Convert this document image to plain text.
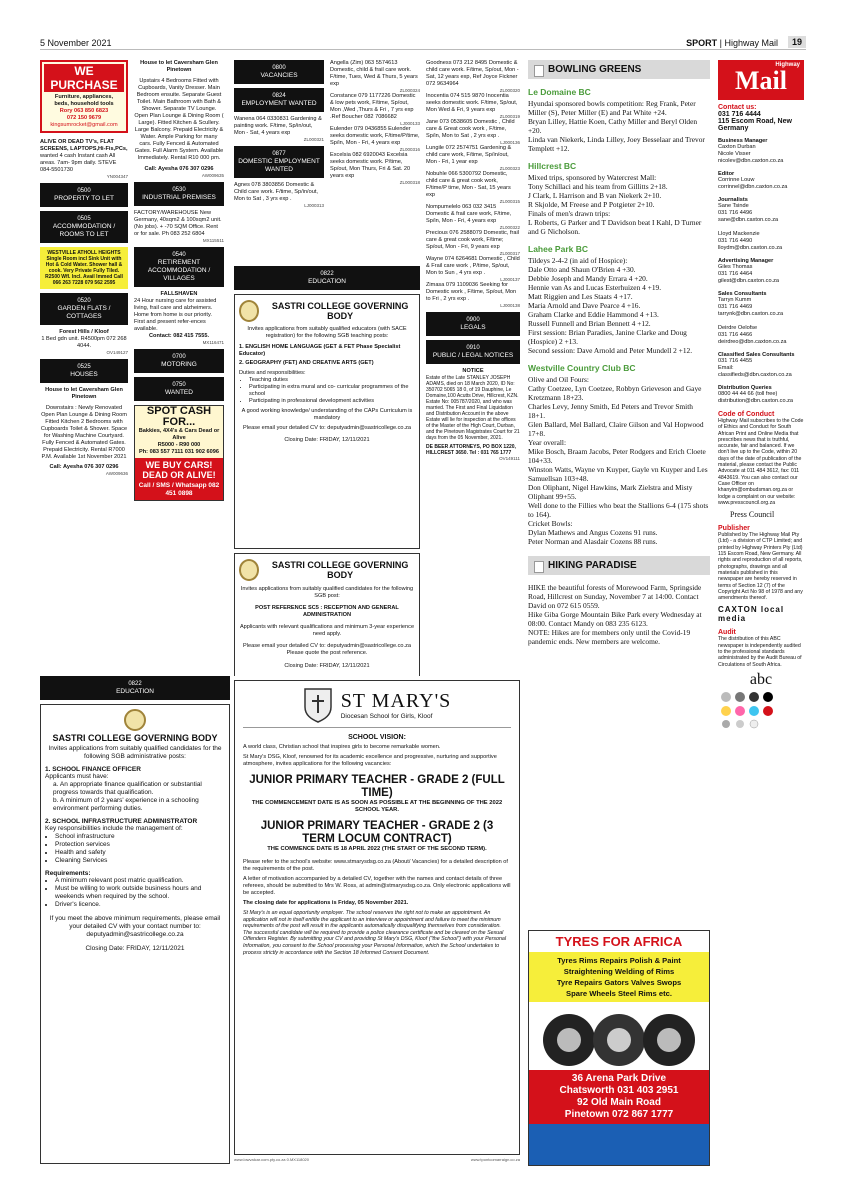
5 November 2021	SPORT | Highway Mail	19
WE PURCHASE
Furniture, appliances,
beds, household tools
Rory 063 850 6823
072 150 9679
kingsumrocket@gmail.com
ALIVE OR DEAD TV's, FLAT SCREENS, LAPTOPS,Hi-Fis,PCs,
wanted 4 cash Instant cash All areas. 7am- 9pm daily. STEVE 084-5501730
YN004347
0500
PROPERTY TO LET
0505
ACCOMMODATION / ROOMS TO LET
WESTVILLE ATHOLL HEIGHTS Single Room incl Sink Unit with Hot & Cold Water. Shower hall & cook. Very Private Fully Tiled. R2500 Wfl. Incl. Avail Immed Call 066 263 7228 079 562 2595
0520
GARDEN FLATS / COTTAGES
Forest Hills / Kloof
1 Bed gdn unit. R4500pm 072 268 4044.
OV149127
0525
HOUSES
House to let Caversham Glen Pinetown
Downstairs : Newly Renovated Open Plan Lounge & Dining Room Fitted Kitchen 2 Bedrooms with Cupboards Toilet & Shower. Space for Washing Machine Courtyard. Fully Fenced & Automated Gates. Prepaid Electricity. Rental R7000 P.M. Available 1st November 2021
Call: Ayesha 076 307 0296
AW009636
0822
EDUCATION
SASTRI COLLEGE GOVERNING BODY

Invites applications from suitably qualified candidates for the following SGB administrative posts:

1. SCHOOL FINANCE OFFICER

Applicants must have:

a. An appropriate finance qualification or substantial progress towards that qualification.

b. A minimum of 2 years' experience in a schooling environment performing duties.

2. SCHOOL INFRASTRUCTURE ADMINISTRATOR

Key responsibilities include the management of:

• School infrastructure
• Protection services
• Health and safety
• Cleaning Services

Requirements:

• A minimum relevant post matric qualification.
• Must be willing to work outside business hours and weekends when required by the school.
• Driver's licence.

If you meet the above minimum requirements, please email your detailed CV with your contact number to:

deputyadmin@sastricollege.co.za

Closing Date: FRIDAY, 12/11/2021

House to let Caversham Glen Pinetown
Upstairs 4 Bedrooms Fitted with Cupboards, Vanity Dresser. Main Bedroom ensuite. Separate Guest Toilet. Main Bathroom with Bath & Shower. Separate TV Lounge. Open Plan Lounge & Dining Room ( Large). Fitted Kitchen & Scullery. Large Balcony. Prepaid Electricity & Water. Ample Parking for many cars. Fully Fenced & Automated Gates. Full Alarm System. Available Immediately. Rental R10 000 pm.
Call: Ayesha 076 307 0296
AW009635
0530
INDUSTRIAL PREMISES
FACTORY/WAREHOUSE New Germany, 40sqm2 & 100sqm2 unit. (No jobs). + -70 SQM Office. Rent or for sale. Ph 083 252 6804
MX115511
0540
RETIREMENT ACCOMMODATION / VILLAGES
FALLSHAVEN
24 Hour nursing care for assisted living, frail care and alzheimers. Home from home is our priority. First and present refer-ences available.
Contact: 082 415 7555.
MX116471
0700
MOTORING
0750
WANTED
SPOT CASH FOR...
Bakkies, 4X4's & Cars Dead or Alive
R5000 - R90 000
Ph: 083 557 7111 031 902 6096
WE BUY CARS! DEAD OR ALIVE!
Call / SMS / Whatsapp 082 451 0898
0800
VACANCIES
0824
EMPLOYMENT WANTED
Wanena 064 0330831 Gardening & painting work. F/time, Sp/in/out, Mon - Sat, 4 years exp
ZL000321
0877
DOMESTIC EMPLOYMENT WANTED
Agnes 078 3803856 Domestic & Child care work. F/time, Sp/in/out, Mon to Sat , 3 yrs exp .
LJ000313
Angella (Zim) 063 5574613 Domestic, child & frail care work. F/time, Tues, Wed & Thurs, 5 years exp
ZL000324
Constance 079 1177226 Domestic & low pets work, F/time, Sp/out, Mon ,Wed ,Thurs & Fri , 7 yrs exp .Ref Boucher 082 7086682
LJ000133
Eulender 079 0436855 Eulender seeks domestic work, F/time/P/time, Sp/in, Mon - Fri, 4 years exp
ZL000316
Excelsia 082 6920043 Excelsia seeks domestic work. P/time, Sp/out, Mon Thurs, Fri & Sat. 20 years exp
ZL000318
0822
EDUCATION
SASTRI COLLEGE GOVERNING BODY

Invites applications from suitably qualified educators (with SACE registration) for the following SGB teaching posts:

1. ENGLISH HOME LANGUAGE (GET & FET Phase Specialist Educator)

2. GEOGRAPHY (FET) AND CREATIVE ARTS (GET)

Duties and responsibilities:

• Teaching duties
• Participating in extra mural and co- curricular programmes of the school
• Participating in professional development activities

A good working knowledge/ understanding of the CAPs Curriculum is mandatory

Please email your detailed CV to: deputyadmin@sastricollege.co.za

Closing Date: FRIDAY, 12/11/2021

SASTRI COLLEGE GOVERNING BODY

Invites applications from suitably qualified candidates for the following SGB post:

POST REFERENCE SC5 : RECEPTION AND GENERAL ADMINISTRATION

Applicants with relevant qualifications and minimum 3-year experience need apply.

Please email your detailed CV to: deputyadmin@sastricollege.co.za Please quote the post reference.

Closing Date: FRIDAY, 12/11/2021

Goodness 073 212 8495 Domestic & child care work. F/time, Sp/out, Mon - Sat, 12 years exp, Ref Joyce Fickner 072 9634964
ZL000320
Inocentia 074 515 9870 Inocentia seeks domestic work. F/time, Sp/out, Mon Wed & Fri, 9 years exp
ZL000319
Jane 073 0538605 Domestic , Child care & Great cook work , F/time, Sp/in, Mon to Sat , 2 yrs exp .
LJ000136
Lungile 072 2574751 Gardening & child care work, F/time, Sp/in/out, Mon - Fri, 1 year exp
ZL000323
Nobuhle 066 5300792 Domestic, child care & great cook work, F/time/P time, Mon - Sat, 15 years exp
ZL000315
Nompumelelo 063 032 3415 Domestic & frail care work, F/time, Sp/in, Mon - Fri, 4 years exp
ZL000322
Precious 076 2588079 Domestic, frail care & great cook work, F/time; Sp/out, Mon - Fri, 9 years exp
ZL000317
Wayne 074 6264681 Domestic , Child & Frail care work , P/time, Sp/out, Mon to Sun , 4 yrs exp .
LJ000137
Zimasa 079 1109036 Seeking for Domestic work , F/time, Sp/out, Mon to Fri , 2 yrs exp .
LJ000138
0900
LEGALS
0910
PUBLIC / LEGAL NOTICES
NOTICE
Estate of the Late STANLEY JOSEPH ADAMS, died on 18 March 2020, ID No: 350702 5065 18 0, of 19 Dauphine, Le Domaine,100 Acutts Drive, Hillcrest, KZN. Estate No: 005787/2020, and who was married. The First and Final Liquidation and Distribution Account in the above Estate will lie for inspection at the offices of the Master of the High Court, Durban, and the Pinetown Magistrates Court for 21 days from the 05 November, 2021.
DE BEER ATTORNEYS, PO BOX 1220, HILLCREST 3650. Tel : 031 765 1777
OV149111
ST MARY'S
Diocesan School for Girls, Kloof
SCHOOL VISION:
A world class, Christian school that inspires girls to become remarkable women.
St Mary's DSG, Kloof, renowned for its academic excellence and progressive, nurturing and supportive atmosphere, invites applications for the following vacancies:
JUNIOR PRIMARY TEACHER - GRADE 2 (FULL TIME)
THE COMMENCEMENT DATE IS AS SOON AS POSSIBLE AT THE BEGINNING OF THE 2022 SCHOOL YEAR.
JUNIOR PRIMARY TEACHER - GRADE 2 (3 TERM LOCUM CONTRACT)
THE COMMENCE DATE IS 18 APRIL 2022 (THE START OF THE SECOND TERM).
Please refer to the school's website: www.stmarysdsg.co.za (About/ Vacancies) for a detailed description of the requirements of the post.
A letter of motivation accompanied by a detailed CV, together with the names and contact details of three referees, should be submitted to Mrs W. Ross, at admin@stmarysdsg.co.za. Only electronic applications will be accepted.
The closing date for applications is Friday, 05 November 2021.
St Mary's is an equal opportunity employer. The school reserves the right not to make an appointment. An application will not in itself entitle the applicant to an interview or appointment and failure to meet the minimum requirements of the post will result in the applicants automatically disqualifying themselves from consideration. The successful candidate will be required to provide a police clearance certificate and be cleared on the Sexual Offenders Register. By submitting your CV and providing St Mary's DSG, Kloof ("the School") with your Personal Information, you consent to the School processing your Personal Information, which the School undertakes to process strictly in accordance with the Section 18 Informed Consent Document.
www.lowvalcar.com.pty.co.za 0.MX118020	www.tpontcomarraign.co.za
BOWLING GREENS
Le Domaine BC
Hyundai sponsored bowls competition: Reg Frank, Peter Miller (S), Peter Miller (E) and Pat White +24.
Bryan Lilley, Hattie Koen, Cathy Miller and Beryl Olden +20.
Linda van Niekerk, Linda Lilley, Joey Besselaar and Trevor Templett +12.
Hillcrest BC
Mixed trips, sponsored by Watercrest Mall:
Tony Schillaci and his team from Gillitts 2+18.
J Clark, L Harrison and B van Niekerk 2+10.
R Skjolde, M Freese and P Potgieter 2+10.
Finals of men's drawn trips:
L Roberts, G Parker and T Davidson beat I Kahl, D Turner and G Nicholson.
Lahee Park BC
Tildeys 2-4-2 (in aid of Hospice):
Dale Otto and Shaun O'Brien 4 +30.
Debbie Joseph and Mandy Errara 4 +20.
Hennie van As and Lucas Esterhuizen 4 +19.
Matt Riggien and Les Staats 4 +17.
Maria Arnold and Dave Pearce 4 +16.
Graham Clarke and Eddie Hammond 4 +13.
Russell Funnell and Brian Bennett 4 +12.
First session: Brian Paradies, Janine Clarke and Doug (Hospice) 2 +13.
Second session: Dave Arnold and Peter Mundell 2 +12.
Westville Country Club BC
Olive and Oil Fours:
Cathy Coetzee, Lyn Coetzee, Robbyn Grieveson and Gaye Kretzmann 18+23.
Charles Levy, Jenny Smith, Ed Peters and Trevor Smith 18+1.
Glen Ballard, Mel Ballard, Claire Gilson and Val Hopwood 17+8.
Year overall:
Mike Bosch, Braam Jacobs, Peter Rodgers and Erich Cloete 104+33.
Winston Watts, Wayne vn Kuyper, Gayle vn Kuyper and Les Samuellsan 103+48.
Don Oliphant, Nigel Hawkins, Mark Zielstra and Misty Oliphant 99+55.
Well done to the Fillies who beat the Stallions 6-4 (175 shots to 164).
Cricket Bowls:
Dylan Mathews and Angus Cozens 91 runs.
Peter Norman and Alasdair Cozens 88 runs.
HIKING PARADISE
HIKE the beautiful forests of Morewood Farm, Springside Road, Hillcrest on Sunday, November 7 at 14:00. Contact David on 072 615 0559.
Hike Giba Gorge Mountain Bike Park every Wednesday at 08:00. Contact Mandy on 083 235 6123.
NOTE: Hikes are for members only until the Covid-19 pandemic ends. New members are welcome.
TYRES FOR AFRICA
Tyres Rims Repairs Polish & Paint
Straightening Welding of Rims
Tyre Repairs Gators Valves Swops
Spare Wheels Steel Rims etc.
36 Arena Park Drive
Chatsworth 031 403 2951
92 Old Main Road
Pinetown 072 867 1777
Highway
Mail
Contact us:
031 716 4444
115 Escom Road, New Germany
Business Manager
Caxton Durban
Nicole Visser
nicolev@dbn.caxton.co.za
Editor
Corrinne Louw
corrinnel@dbn.caxton.co.za
Journalists
Sane Tsinde
031 716 4496
sane@dbn.caxton.co.za

Lloyd Mackenzie
031 716 4490
lloydm@dbn.caxton.co.za
Advertising Manager
Giles Thomas
031 716 4464
gilest@dbn.caxton.co.za
Sales Consultants
Tarryn Kumm
031 716 4469
tarrynk@dbn.caxton.co.za

Deirdre Oelofse
031 716 4466
deirdreo@dbn.caxton.co.za
Classified Sales Consultants
031 716 4455
Email:
classifieds@dbn.caxton.co.za
Distribution Queries
0800 44 44 66 (toll free)
distribution@dbn.caxton.co.za
Code of Conduct
Highway Mail subscribes to the Code of Ethics and Conduct for South African Print and Online Media that prescribes news that is truthful, accurate, fair and balanced. If we don't live up to the Code, within 20 days of the date of publication of the material, please contact the Public Advocate at 011 484 3612, fax: 011 4843619. You can also contact our Case Officer on khanyim@ombudsman.org.za or lodge a complaint on our website: www.presscouncil.org.za
Press Council
Publisher
Published by The Highway Mail Pty (Ltd) - a division of CTP Limited; and printed by Highway Printers Pty (Ltd) 115 Escom Road, New Germany. All rights and reproduction of all reports, photographs, drawings and all materials published in this newspaper are hereby reserved in terms of Section 12 (7) of the Copyright Act No 98 of 1978 and any amendments thereof.
CAXTON local media
Audit
The distribution of this ABC newspaper is independently audited to the professional standards administrated by the Audit Bureau of Circulations of South Africa.
abc
